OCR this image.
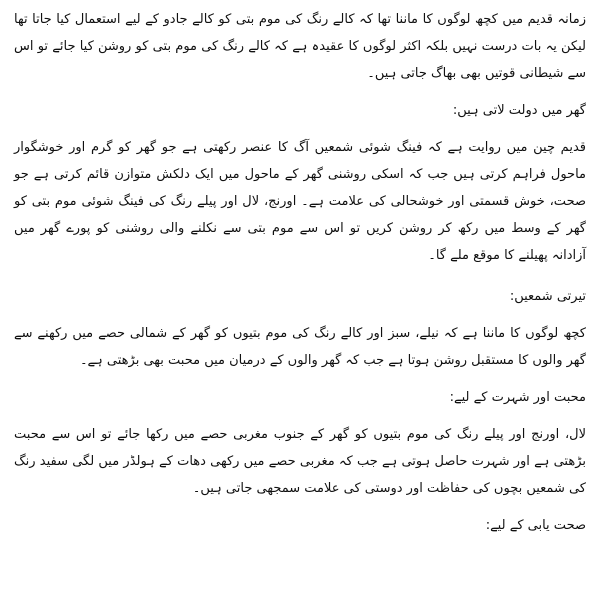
زمانہ قدیم میں کچھ لوگوں کا ماننا تھا کہ کالے رنگ کی موم بتی کو کالے جادو کے لیے استعمال کیا جاتا تھا لیکن یہ بات درست نہیں بلکہ اکثر لوگوں کا عقیدہ ہے کہ کالے رنگ کی موم بتی کو روشن کیا جائے تو اس سے شیطانی قوتیں بھی بھاگ جاتی ہیں۔

گھر میں دولت لاتی ہیں:

قدیم چین میں روایت ہے کہ فینگ شوئی شمعیں آگ کا عنصر رکھتی ہے جو گھر کو گرم اور خوشگوار ماحول فراہم کرتی ہیں جب کہ اسکی روشنی گھر کے ماحول میں ایک دلکش متوازن قائم کرتی ہے جو صحت، خوش قسمتی اور خوشحالی کی علامت ہے۔ اورنج، لال اور پیلے رنگ کی فینگ شوئی موم بتی کو گھر کے وسط میں رکھ کر روشن کریں تو اس سے موم بتی سے نکلنے والی روشنی کو پورے گھر میں آزادانہ پھیلنے کا موقع ملے گا۔

تیرتی شمعیں:

کچھ لوگوں کا ماننا ہے کہ نیلے، سبز اور کالے رنگ کی موم بتیوں کو گھر کے شمالی حصے میں رکھنے سے گھر والوں کا مستقبل روشن ہوتا ہے جب کہ گھر والوں کے درمیان میں محبت بھی بڑھتی ہے۔

محبت اور شہرت کے لیے:

لال، اورنج اور پیلے رنگ کی موم بتیوں کو گھر کے جنوب مغربی حصے میں رکھا جائے تو اس سے محبت بڑھتی ہے اور شہرت حاصل ہوتی ہے جب کہ مغربی حصے میں رکھی دھات کے ہولڈر میں لگی سفید رنگ کی شمعیں بچوں کی حفاظت اور دوستی کی علامت سمجھی جاتی ہیں۔

صحت یابی کے لیے:
